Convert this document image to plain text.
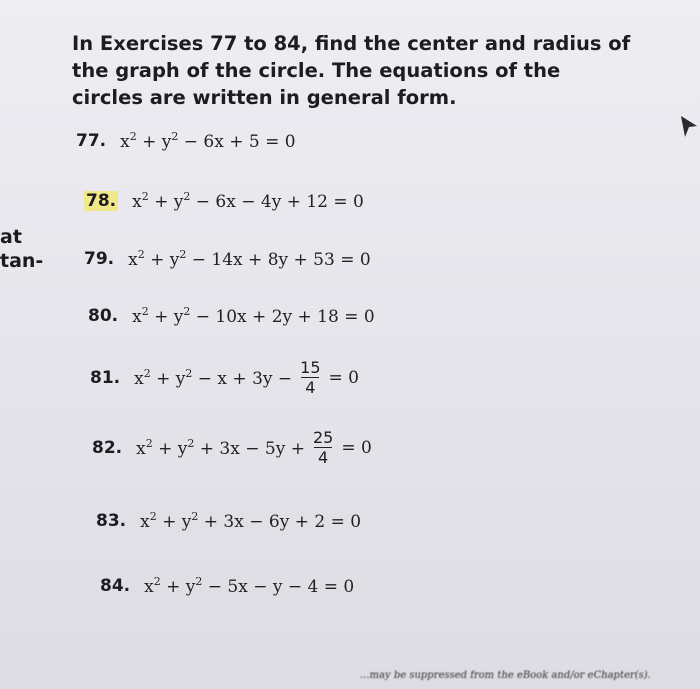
at
tan-
In Exercises 77 to 84, find the center and radius of the graph of the circle. The equations of the circles are written in general form.
77. $x^2 + y^2 - 6x + 5 = 0$
78. $x^2 + y^2 - 6x - 4y + 12 = 0$
79. $x^2 + y^2 - 14x + 8y + 53 = 0$
80. $x^2 + y^2 - 10x + 2y + 18 = 0$
81. $x^2 + y^2 - x + 3y - \frac{15}{4} = 0$
82. $x^2 + y^2 + 3x - 5y + \frac{25}{4} = 0$
83. $x^2 + y^2 + 3x - 6y + 2 = 0$
84. $x^2 + y^2 - 5x - y - 4 = 0$
...may be suppressed from the eBook and/or eChapter(s).
